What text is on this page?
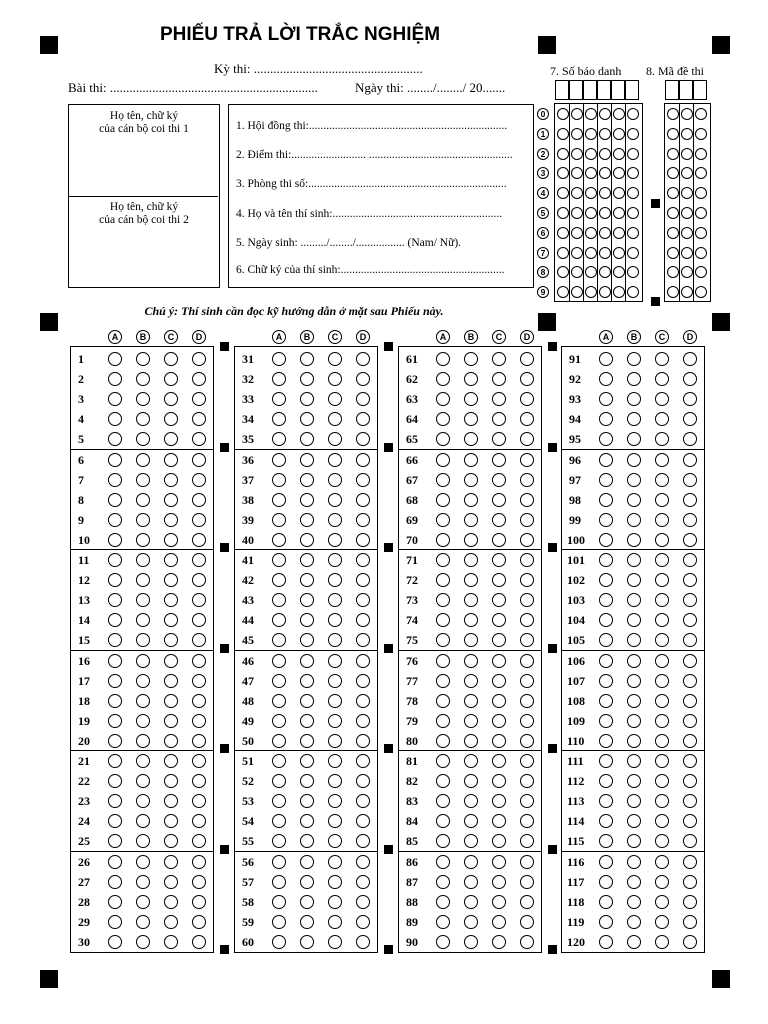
PHIẾU TRẢ LỜI TRẮC NGHIỆM
Kỳ thi: ....................................................
Bài thi: ................................................................	Ngày thi: ......../......../ 20.......
7. Số báo danh 8. Mã đề thi
Họ tên, chữ ký
của cán bộ coi thi 1
Họ tên, chữ ký
của cán bộ coi thi 2
1. Hội đồng thi:.....................................................................
2. Điểm thi:.......................... ..................................................
3. Phòng thi số:.....................................................................
4. Họ và tên thí sinh:...........................................................
5. Ngày sinh: ........./......../................. (Nam/ Nữ).
6. Chữ ký của thí sinh:.........................................................
Chú ý: Thí sinh cần đọc kỹ hướng dẫn ở mặt sau Phiếu này.
A	B	C	D
1
2
3
4
5
6
7
8
9
10
11
12
13
14
15
16
17
18
19
20
21
22
23
24
25
26
27
28
29
30
A	B	C	D
31
32
33
34
35
36
37
38
39
40
41
42
43
44
45
46
47
48
49
50
51
52
53
54
55
56
57
58
59
60
A	B	C	D
61
62
63
64
65
66
67
68
69
70
71
72
73
74
75
76
77
78
79
80
81
82
83
84
85
86
87
88
89
90
A	B	C	D
91
92
93
94
95
96
97
98
99
100
101
102
103
104
105
106
107
108
109
110
111
112
113
114
115
116
117
118
119
120
0
1
2
3
4
5
6
7
8
9
